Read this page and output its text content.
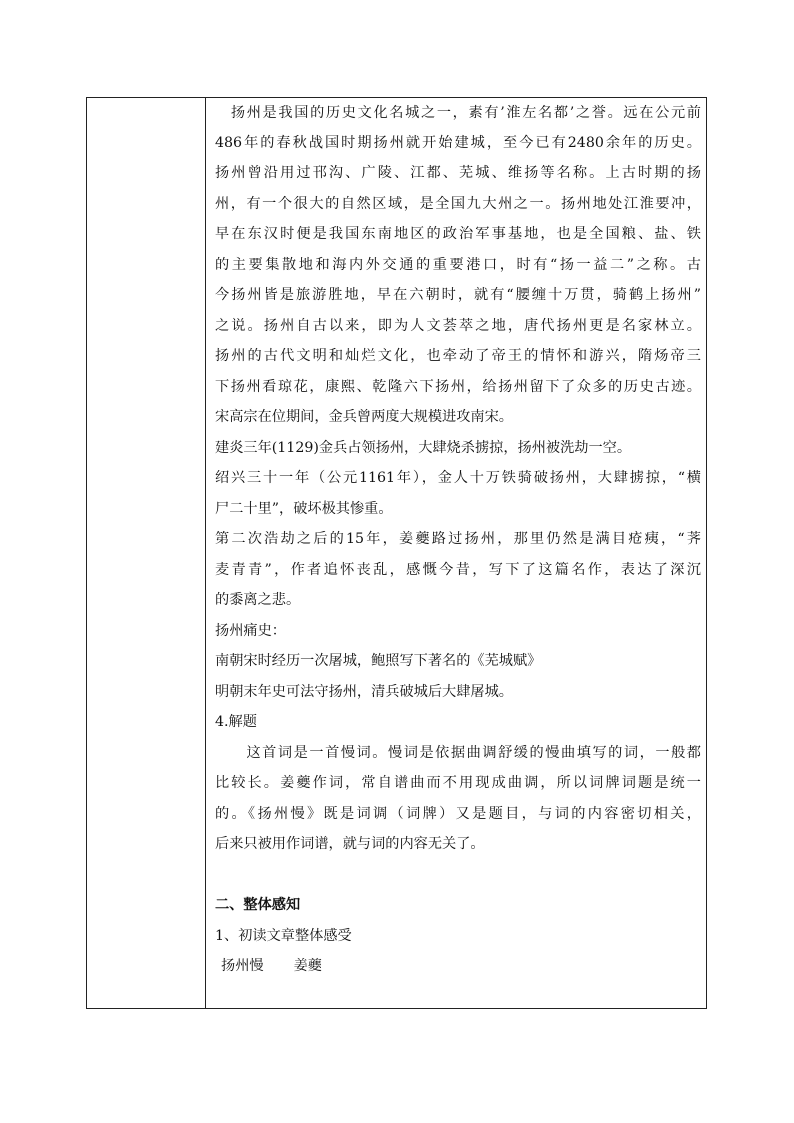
　扬州是我国的历史文化名城之一，素有’淮左名都’之誉。远在公元前
486年的春秋战国时期扬州就开始建城，至今已有2480余年的历史。
扬州曾沿用过邗沟、广陵、江都、芜城、维扬等名称。上古时期的扬
州，有一个很大的自然区域，是全国九大州之一。扬州地处江淮要冲，
早在东汉时便是我国东南地区的政治军事基地，也是全国粮、盐、铁
的主要集散地和海内外交通的重要港口，时有“扬一益二”之称。古
今扬州皆是旅游胜地，早在六朝时，就有“腰缠十万贯，骑鹤上扬州”
之说。扬州自古以来，即为人文荟萃之地，唐代扬州更是名家林立。
扬州的古代文明和灿烂文化，也牵动了帝王的情怀和游兴，隋炀帝三
下扬州看琼花，康熙、乾隆六下扬州，给扬州留下了众多的历史古迹。
宋高宗在位期间，金兵曾两度大规模进攻南宋。
建炎三年(1129)金兵占领扬州，大肆烧杀掳掠，扬州被洗劫一空。
绍兴三十一年（公元1161年），金人十万铁骑破扬州，大肆掳掠，“横
尸二十里”，破坏极其惨重。
第二次浩劫之后的15年，姜夔路过扬州，那里仍然是满目疮痍，“荠
麦青青”，作者追怀丧乱，感慨今昔，写下了这篇名作，表达了深沉
的黍离之悲。
扬州痛史：
南朝宋时经历一次屠城，鲍照写下著名的《芜城赋》
明朝末年史可法守扬州，清兵破城后大肆屠城。
4.解题
　　这首词是一首慢词。慢词是依据曲调舒缓的慢曲填写的词，一般都
比较长。姜夔作词，常自谱曲而不用现成曲调，所以词牌词题是统一
的。《扬州慢》既是词调（词牌）又是题目，与词的内容密切相关，
后来只被用作词谱，就与词的内容无关了。
二、整体感知
1、初读文章整体感受
扬州慢 姜夔
